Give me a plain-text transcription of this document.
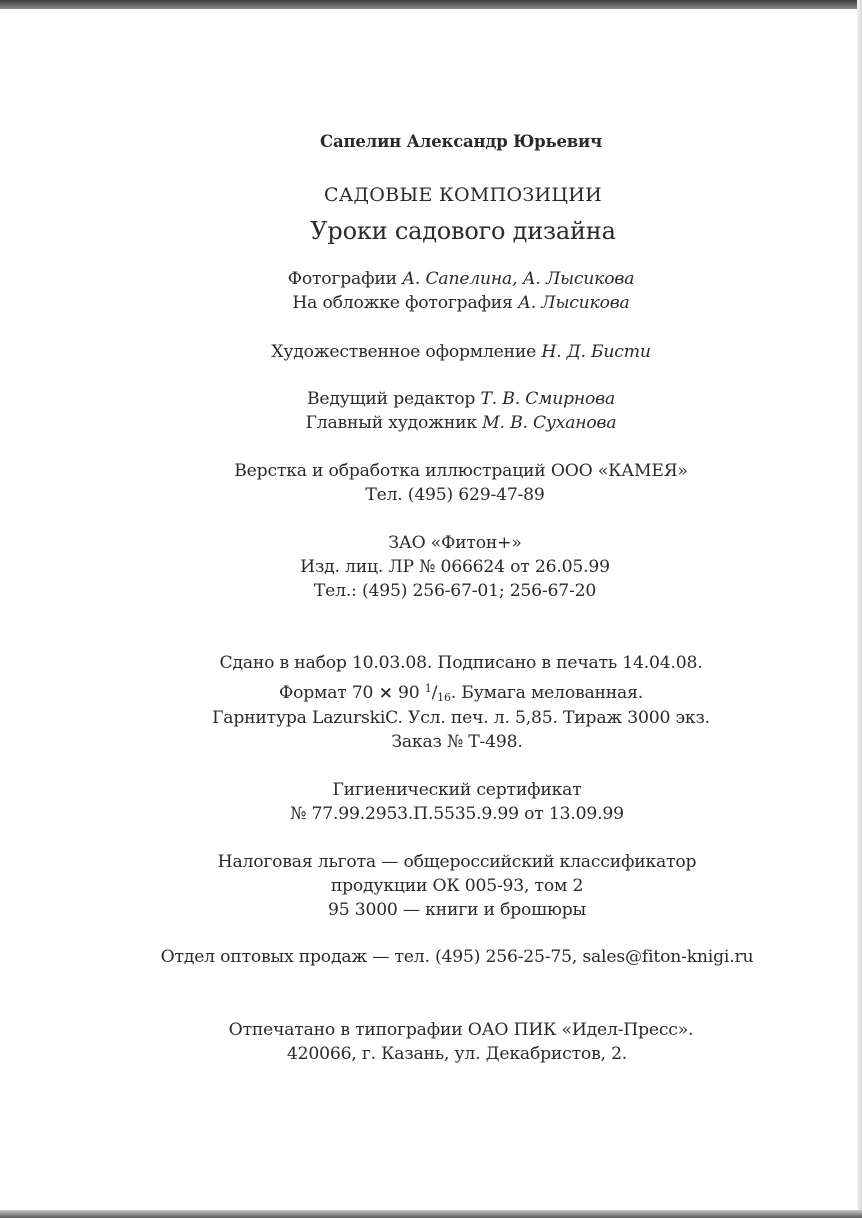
Сапелин Александр Юрьевич
САДОВЫЕ КОМПОЗИЦИИ
Уроки садового дизайна
Фотографии А. Сапелина, А. Лысикова
На обложке фотография А. Лысикова
Художественное оформление Н. Д. Бисти
Ведущий редактор Т. В. Смирнова
Главный художник М. В. Суханова
Верстка и обработка иллюстраций ООО «КАМЕЯ»
Тел. (495) 629-47-89
ЗАО «Фитон+»
Изд. лиц. ЛР № 066624 от 26.05.99
Тел.: (495) 256-67-01; 256-67-20
Сдано в набор 10.03.08. Подписано в печать 14.04.08.
Формат 70 × 90 $^1/_{16}$. Бумага мелованная.
Гарнитура LazurskiC. Усл. печ. л. 5,85. Тираж 3000 экз.
Заказ № Т-498.
Гигиенический сертификат
№ 77.99.2953.П.5535.9.99 от 13.09.99
Налоговая льгота — общероссийский классификатор
продукции ОК 005-93, том 2
95 3000 — книги и брошюры
Отдел оптовых продаж — тел. (495) 256-25-75, sales@fiton-knigi.ru
Отпечатано в типографии ОАО ПИК «Идел-Пресс».
420066, г. Казань, ул. Декабристов, 2.
